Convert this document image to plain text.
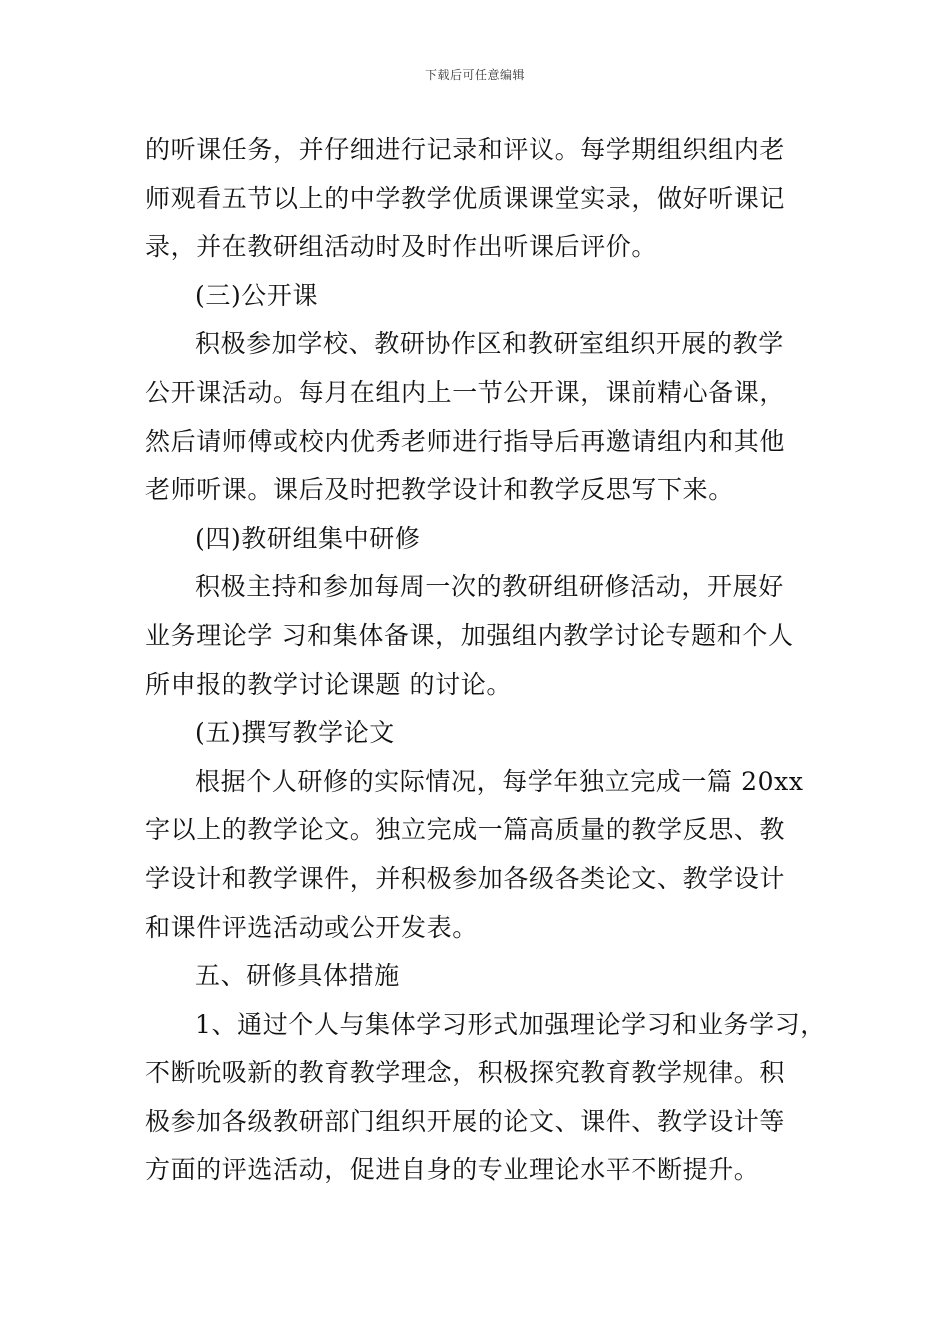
下载后可任意编辑
的听课任务，并仔细进行记录和评议。每学期组织组内老
师观看五节以上的中学教学优质课课堂实录，做好听课记
录，并在教研组活动时及时作出听课后评价。
(三)公开课
积极参加学校、教研协作区和教研室组织开展的教学
公开课活动。每月在组内上一节公开课，课前精心备课，
然后请师傅或校内优秀老师进行指导后再邀请组内和其他
老师听课。课后及时把教学设计和教学反思写下来。
(四)教研组集中研修
积极主持和参加每周一次的教研组研修活动，开展好
业务理论学 习和集体备课，加强组内教学讨论专题和个人
所申报的教学讨论课题 的讨论。
(五)撰写教学论文
根据个人研修的实际情况，每学年独立完成一篇 20xx
字以上的教学论文。独立完成一篇高质量的教学反思、教
学设计和教学课件，并积极参加各级各类论文、教学设计
和课件评选活动或公开发表。
五、研修具体措施
1、通过个人与集体学习形式加强理论学习和业务学习，
不断吮吸新的教育教学理念，积极探究教育教学规律。积
极参加各级教研部门组织开展的论文、课件、教学设计等
方面的评选活动，促进自身的专业理论水平不断提升。
